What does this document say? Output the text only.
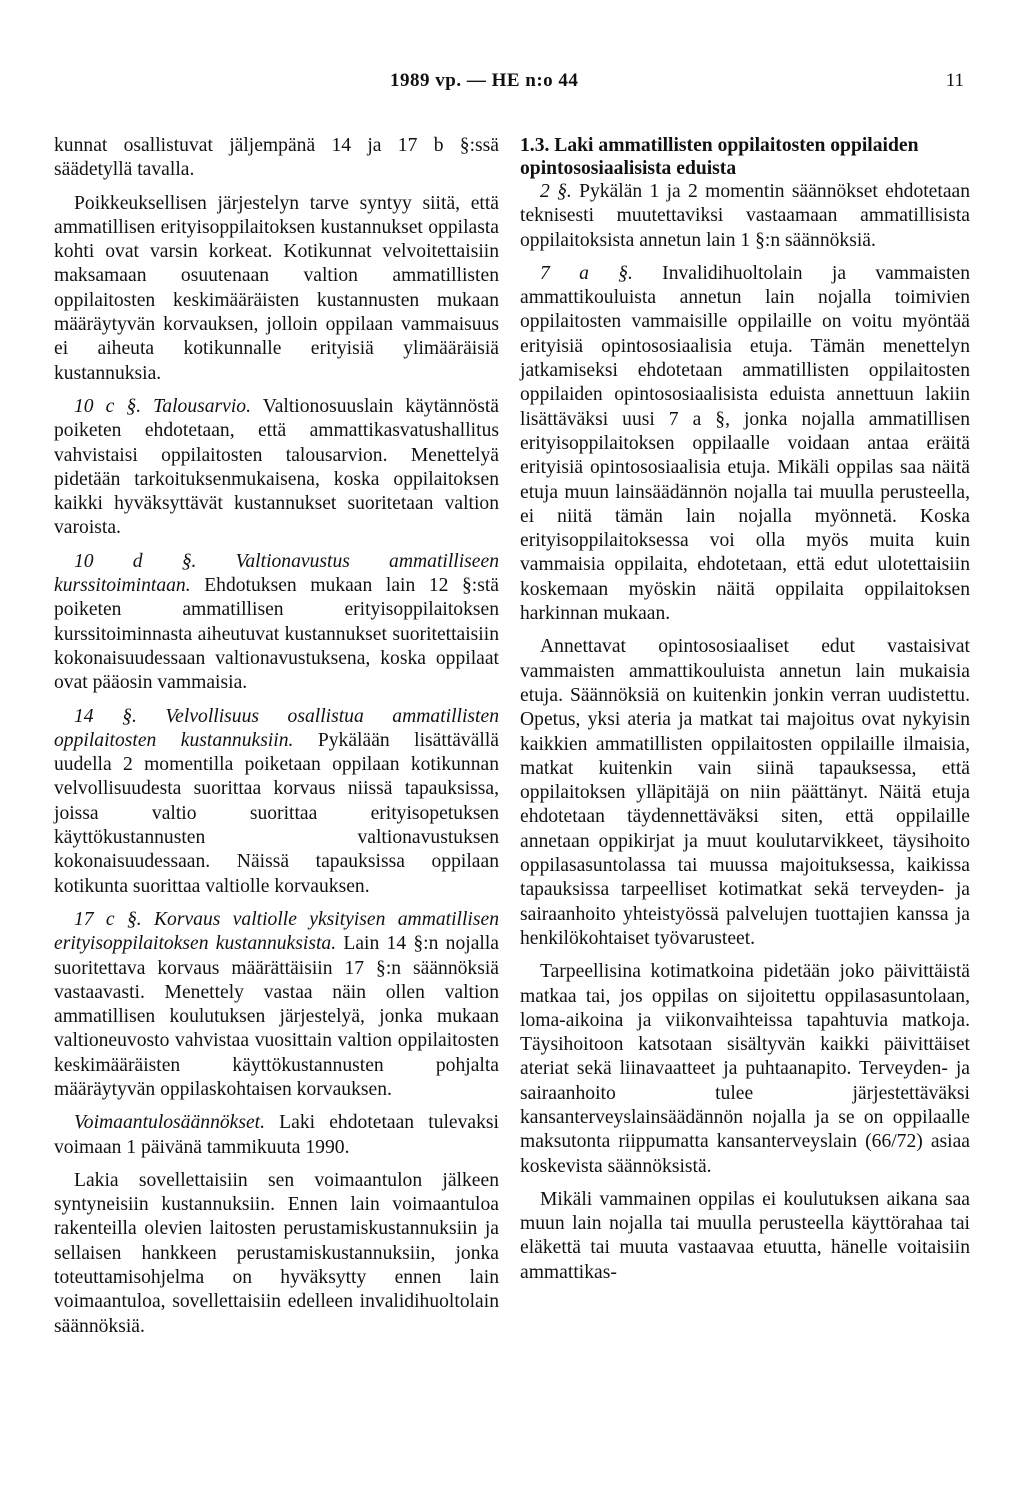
1989 vp. — HE n:o 44	11

kunnat osallistuvat jäljempänä 14 ja 17 b §:ssä säädetyllä tavalla.

Poikkeuksellisen järjestelyn tarve syntyy siitä, että ammatillisen erityisoppilaitoksen kustannukset oppilasta kohti ovat varsin korkeat. Kotikunnat velvoitettaisiin maksamaan osuutenaan valtion ammatillisten oppilaitosten keskimääräisten kustannusten mukaan määräytyvän korvauksen, jolloin oppilaan vammaisuus ei aiheuta kotikunnalle erityisiä ylimääräisiä kustannuksia.

10 c §. Talousarvio. Valtionosuuslain käytännöstä poiketen ehdotetaan, että ammattikasvatushallitus vahvistaisi oppilaitosten talousarvion. Menettelyä pidetään tarkoituksenmukaisena, koska oppilaitoksen kaikki hyväksyttävät kustannukset suoritetaan valtion varoista.

10 d §. Valtionavustus ammatilliseen kurssitoimintaan. Ehdotuksen mukaan lain 12 §:stä poiketen ammatillisen erityisoppilaitoksen kurssitoiminnasta aiheutuvat kustannukset suoritettaisiin kokonaisuudessaan valtionavustuksena, koska oppilaat ovat pääosin vammaisia.

14 §. Velvollisuus osallistua ammatillisten oppilaitosten kustannuksiin. Pykälään lisättävällä uudella 2 momentilla poiketaan oppilaan kotikunnan velvollisuudesta suorittaa korvaus niissä tapauksissa, joissa valtio suorittaa erityisopetuksen käyttökustannusten valtionavustuksen kokonaisuudessaan. Näissä tapauksissa oppilaan kotikunta suorittaa valtiolle korvauksen.

17 c §. Korvaus valtiolle yksityisen ammatillisen erityisoppilaitoksen kustannuksista. Lain 14 §:n nojalla suoritettava korvaus määrättäisiin 17 §:n säännöksiä vastaavasti. Menettely vastaa näin ollen valtion ammatillisen koulutuksen järjestelyä, jonka mukaan valtioneuvosto vahvistaa vuosittain valtion oppilaitosten keskimääräisten käyttökustannusten pohjalta määräytyvän oppilaskohtaisen korvauksen.

Voimaantulosäännökset. Laki ehdotetaan tulevaksi voimaan 1 päivänä tammikuuta 1990.

Lakia sovellettaisiin sen voimaantulon jälkeen syntyneisiin kustannuksiin. Ennen lain voimaantuloa rakenteilla olevien laitosten perustamiskustannuksiin ja sellaisen hankkeen perustamiskustannuksiin, jonka toteuttamisohjelma on hyväksytty ennen lain voimaantuloa, sovellettaisiin edelleen invalidihuoltolain säännöksiä.

1.3. Laki ammatillisten oppilaitosten oppilaiden opintososiaalisista eduista

2 §. Pykälän 1 ja 2 momentin säännökset ehdotetaan teknisesti muutettaviksi vastaamaan ammatillisista oppilaitoksista annetun lain 1 §:n säännöksiä.

7 a §. Invalidihuoltolain ja vammaisten ammattikouluista annetun lain nojalla toimivien oppilaitosten vammaisille oppilaille on voitu myöntää erityisiä opintososiaalisia etuja. Tämän menettelyn jatkamiseksi ehdotetaan ammatillisten oppilaitosten oppilaiden opintososiaalisista eduista annettuun lakiin lisättäväksi uusi 7 a §, jonka nojalla ammatillisen erityisoppilaitoksen oppilaalle voidaan antaa eräitä erityisiä opintososiaalisia etuja. Mikäli oppilas saa näitä etuja muun lainsäädännön nojalla tai muulla perusteella, ei niitä tämän lain nojalla myönnetä. Koska erityisoppilaitoksessa voi olla myös muita kuin vammaisia oppilaita, ehdotetaan, että edut ulotettaisiin koskemaan myöskin näitä oppilaita oppilaitoksen harkinnan mukaan.

Annettavat opintososiaaliset edut vastaisivat vammaisten ammattikouluista annetun lain mukaisia etuja. Säännöksiä on kuitenkin jonkin verran uudistettu. Opetus, yksi ateria ja matkat tai majoitus ovat nykyisin kaikkien ammatillisten oppilaitosten oppilaille ilmaisia, matkat kuitenkin vain siinä tapauksessa, että oppilaitoksen ylläpitäjä on niin päättänyt. Näitä etuja ehdotetaan täydennettäväksi siten, että oppilaille annetaan oppikirjat ja muut koulutarvikkeet, täysihoito oppilasasuntolassa tai muussa majoituksessa, kaikissa tapauksissa tarpeelliset kotimatkat sekä terveyden- ja sairaanhoito yhteistyössä palvelujen tuottajien kanssa ja henkilökohtaiset työvarusteet.

Tarpeellisina kotimatkoina pidetään joko päivittäistä matkaa tai, jos oppilas on sijoitettu oppilasasuntolaan, loma-aikoina ja viikonvaihteissa tapahtuvia matkoja. Täysihoitoon katsotaan sisältyvän kaikki päivittäiset ateriat sekä liinavaatteet ja puhtaanapito. Terveyden- ja sairaanhoito tulee järjestettäväksi kansanterveyslainsäädännön nojalla ja se on oppilaalle maksutonta riippumatta kansanterveyslain (66/72) asiaa koskevista säännöksistä.

Mikäli vammainen oppilas ei koulutuksen aikana saa muun lain nojalla tai muulla perusteella käyttörahaa tai eläkettä tai muuta vastaavaa etuutta, hänelle voitaisiin ammattikas-
